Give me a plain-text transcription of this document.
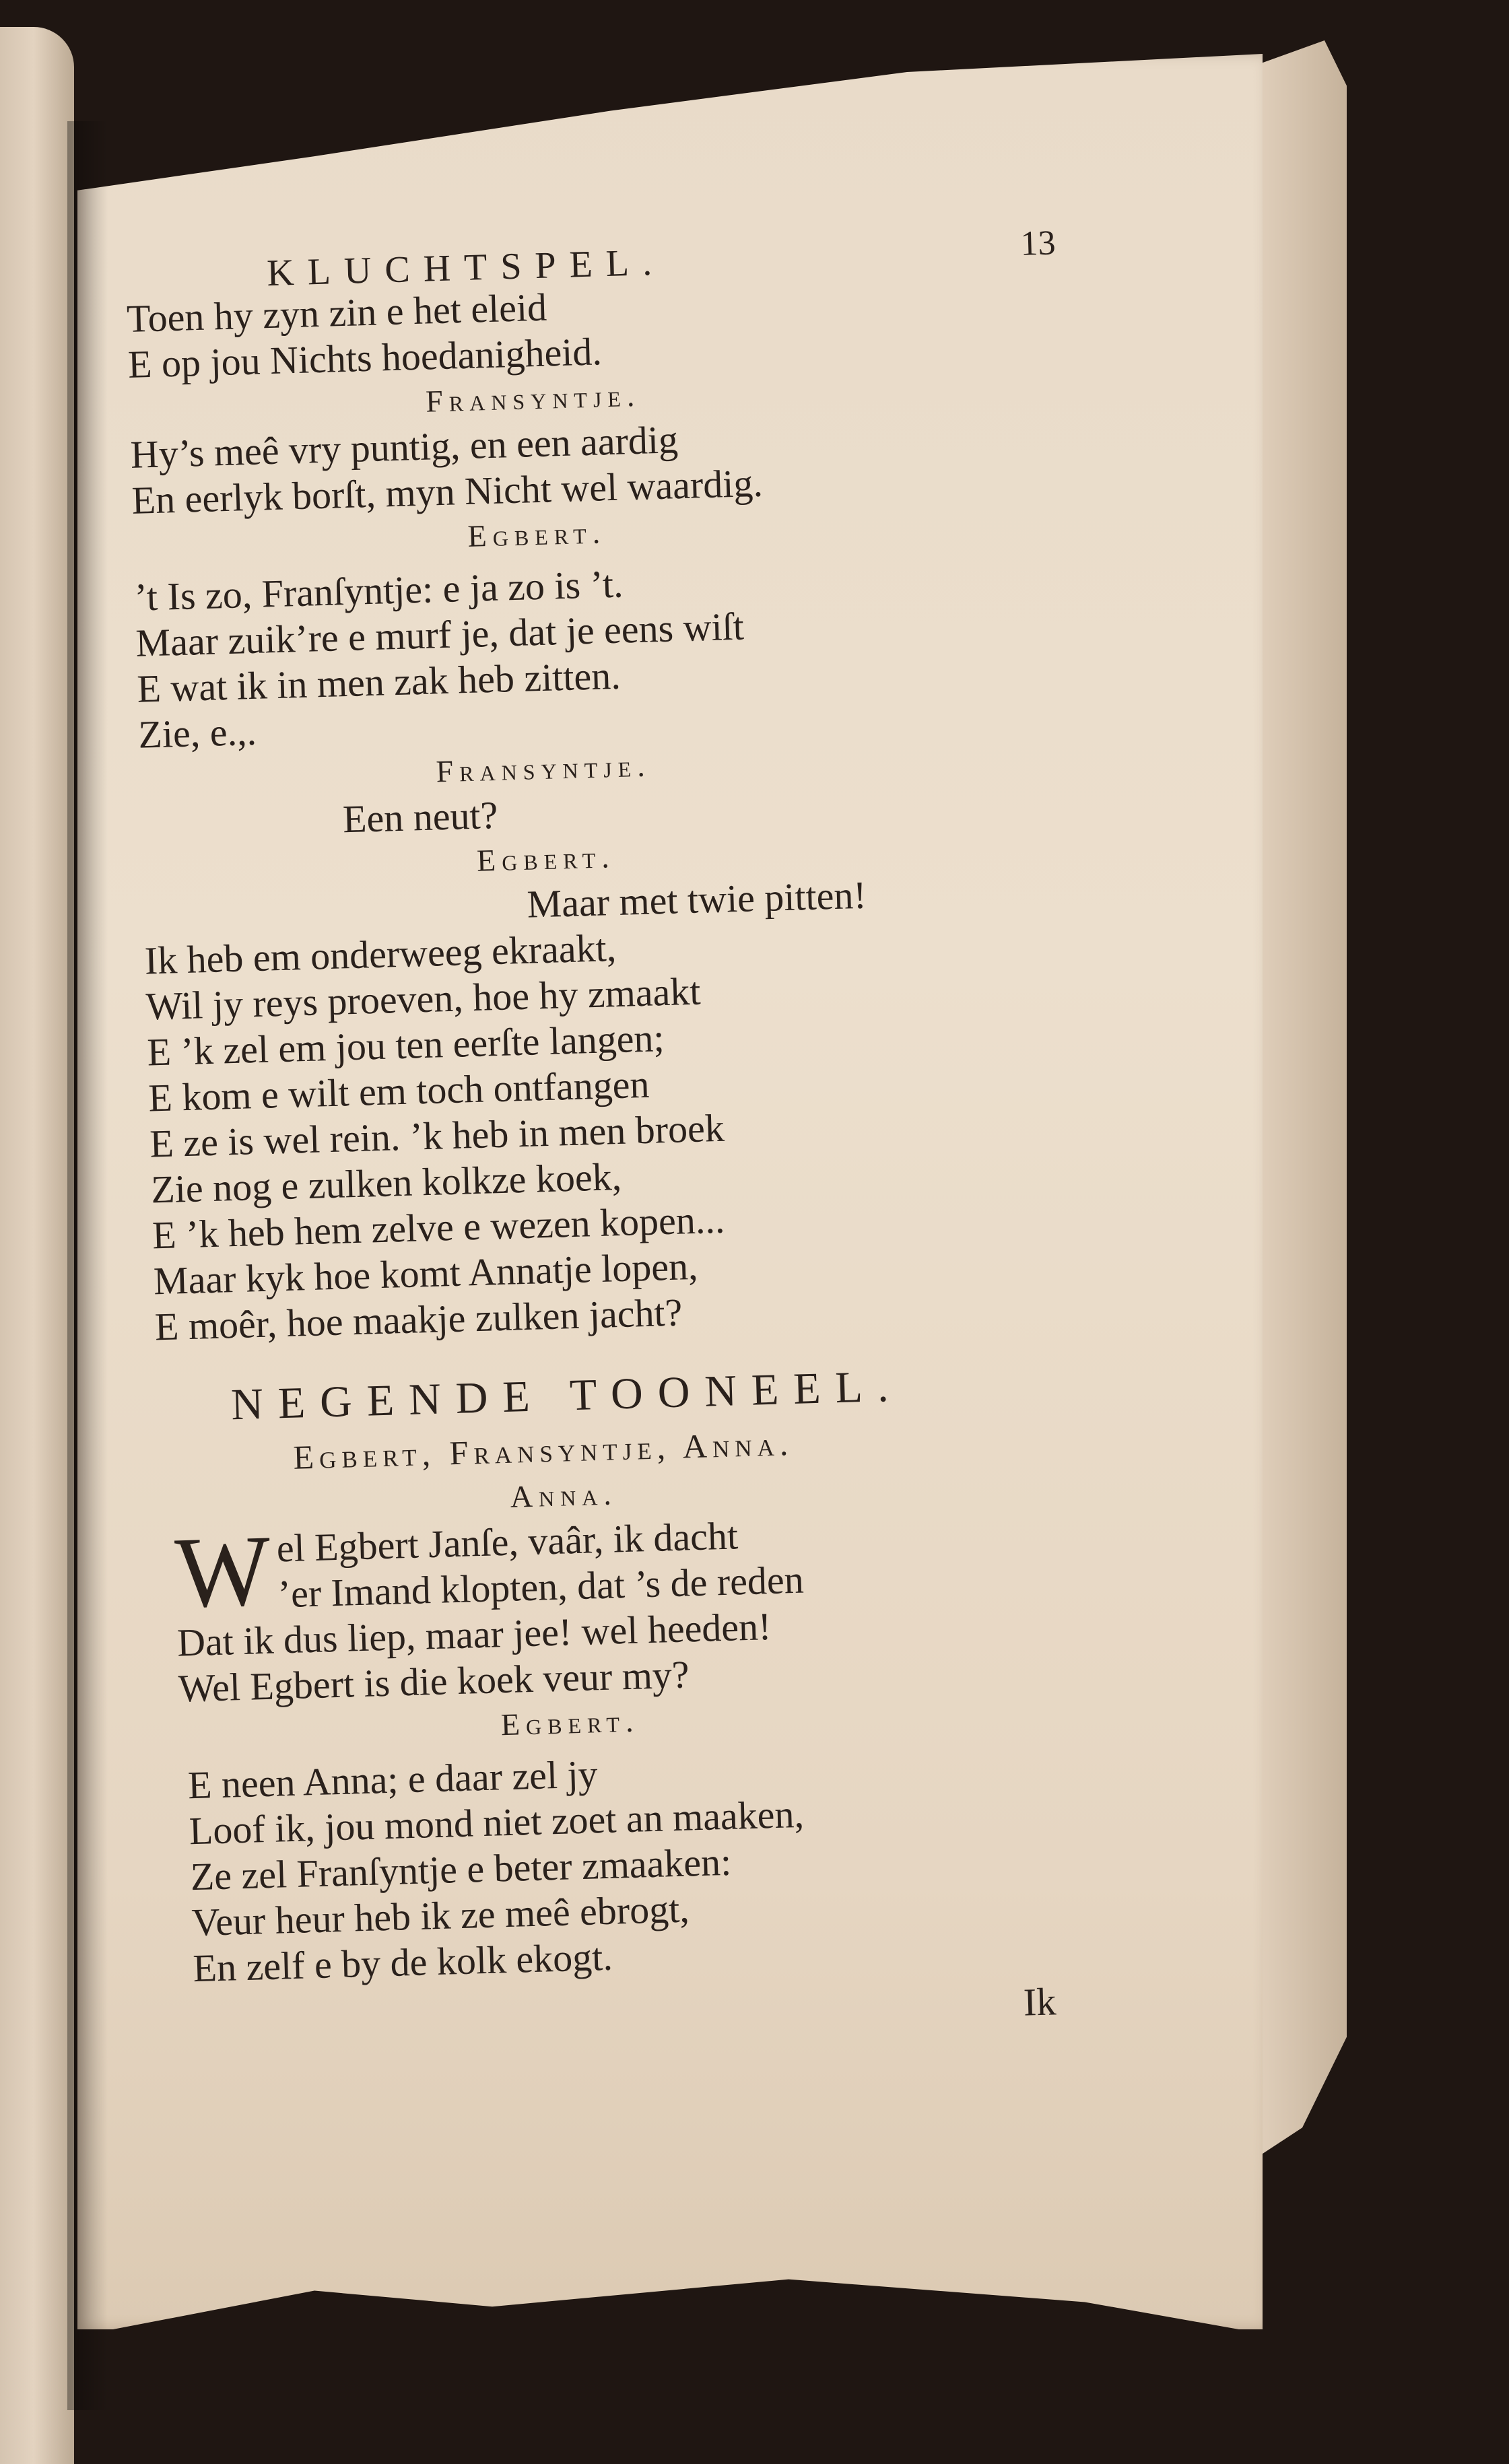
KLUCHTSPEL.	13
Toen hy zyn zin e het eleid
E op jou Nichts hoedanigheid.
Fransyntje.
Hy’s meê vry puntig, en een aardig
En eerlyk borſt, myn Nicht wel waardig.
Egbert.
’t Is zo, Franſyntje: e ja zo is ’t.
Maar zuik’re e murf je, dat je eens wiſt
E wat ik in men zak heb zitten.
Zie, e.,.
Fransyntje.
Een neut?
Egbert.
Maar met twie pitten!
Ik heb em onderweeg ekraakt,
Wil jy reys proeven, hoe hy zmaakt
E ’k zel em jou ten eerſte langen;
E kom e wilt em toch ontfangen
E ze is wel rein. ’k heb in men broek
Zie nog e zulken kolkze koek,
E ’k heb hem zelve e wezen kopen...
Maar kyk hoe komt Annatje lopen,
E moêr, hoe maakje zulken jacht?
NEGENDE TOONEEL.
Egbert, Fransyntje, Anna.
Anna.
W el Egbert Janſe, vaâr, ik dacht
’er Imand klopten, dat ’s de reden
Dat ik dus liep, maar jee! wel heeden!
Wel Egbert is die koek veur my?
Egbert.
E neen Anna; e daar zel jy
Loof ik, jou mond niet zoet an maaken,
Ze zel Franſyntje e beter zmaaken:
Veur heur heb ik ze meê ebrogt,
En zelf e by de kolk ekogt.
Ik
